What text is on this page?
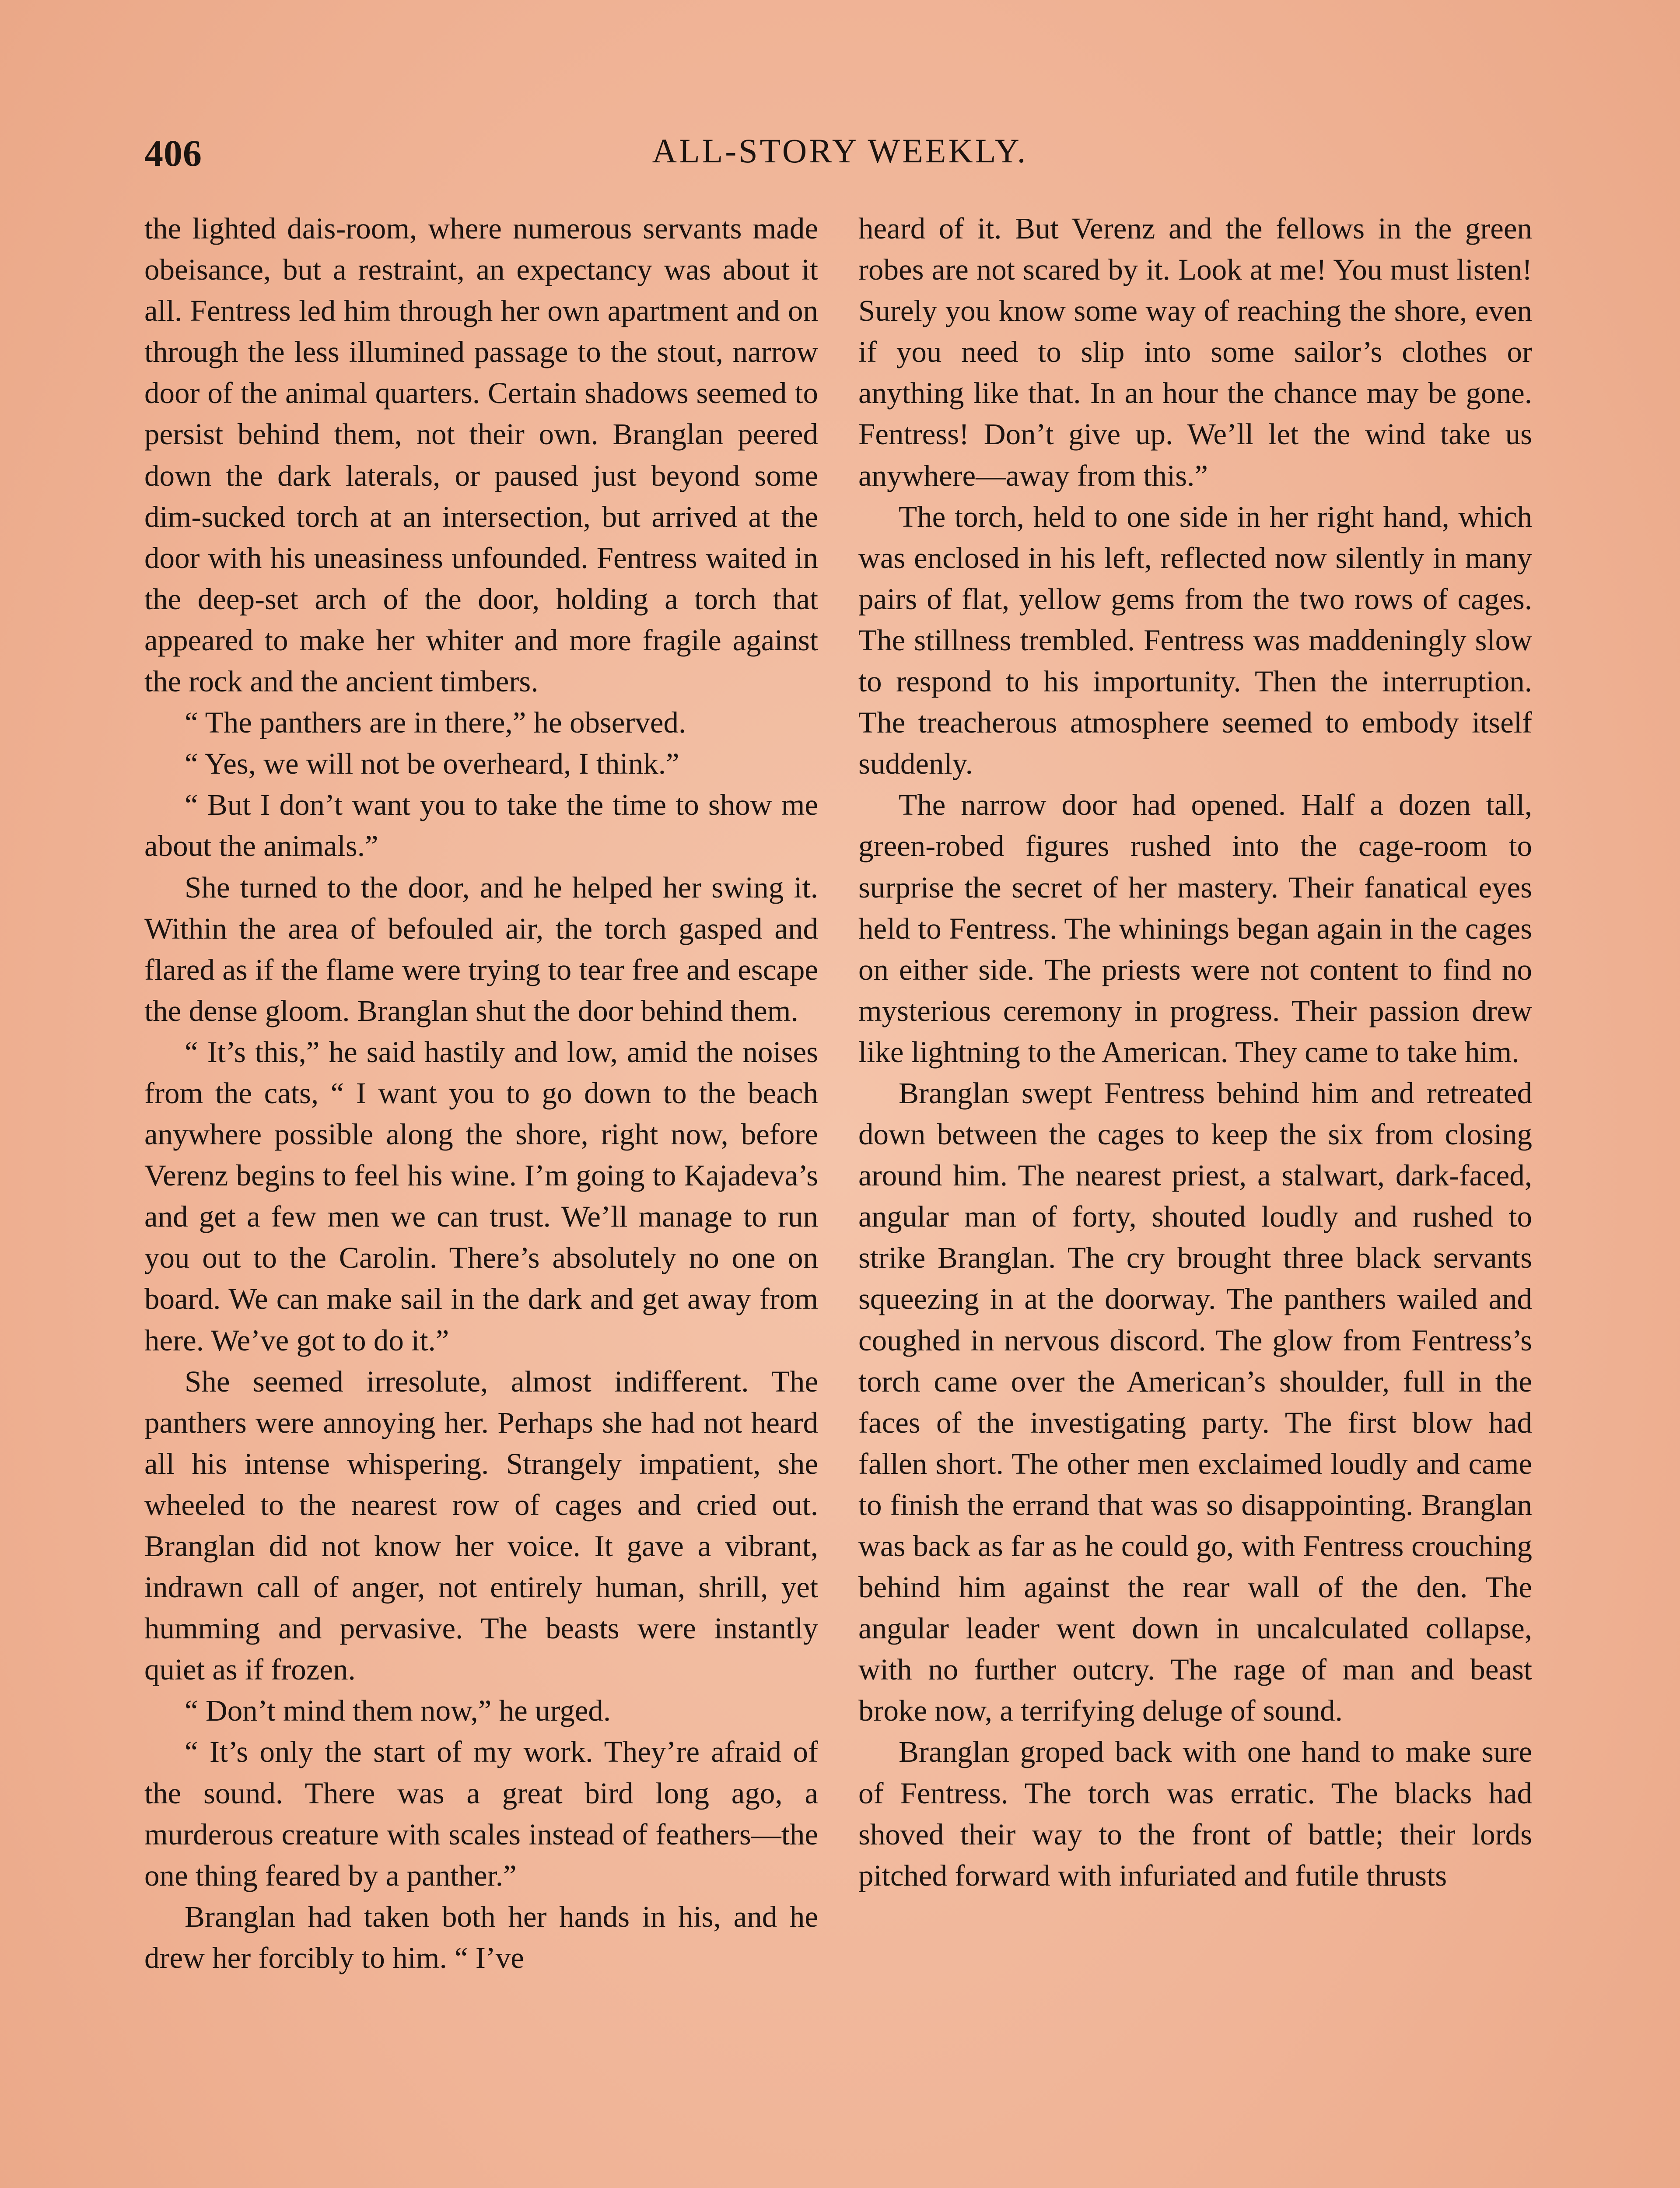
406	ALL-STORY WEEKLY.

the lighted dais-room, where numerous servants made obeisance, but a restraint, an expectancy was about it all. Fentress led him through her own apartment and on through the less illumined passage to the stout, narrow door of the animal quarters. Certain shadows seemed to persist behind them, not their own. Branglan peered down the dark laterals, or paused just beyond some dim-sucked torch at an intersection, but arrived at the door with his uneasiness unfounded. Fentress waited in the deep-set arch of the door, holding a torch that appeared to make her whiter and more fragile against the rock and the ancient timbers.

“ The panthers are in there,” he observed.

“ Yes, we will not be overheard, I think.”

“ But I don’t want you to take the time to show me about the animals.”

She turned to the door, and he helped her swing it. Within the area of befouled air, the torch gasped and flared as if the flame were trying to tear free and escape the dense gloom. Branglan shut the door behind them.

“ It’s this,” he said hastily and low, amid the noises from the cats, “ I want you to go down to the beach anywhere possible along the shore, right now, before Verenz begins to feel his wine. I’m going to Kajadeva’s and get a few men we can trust. We’ll manage to run you out to the Carolin. There’s absolutely no one on board. We can make sail in the dark and get away from here. We’ve got to do it.”

She seemed irresolute, almost indifferent. The panthers were annoying her. Perhaps she had not heard all his intense whispering. Strangely impatient, she wheeled to the nearest row of cages and cried out. Branglan did not know her voice. It gave a vibrant, indrawn call of anger, not entirely human, shrill, yet humming and pervasive. The beasts were instantly quiet as if frozen.

“ Don’t mind them now,” he urged.

“ It’s only the start of my work. They’re afraid of the sound. There was a great bird long ago, a murderous creature with scales instead of feathers—the one thing feared by a panther.”

Branglan had taken both her hands in his, and he drew her forcibly to him. “ I’ve

heard of it. But Verenz and the fellows in the green robes are not scared by it. Look at me! You must listen! Surely you know some way of reaching the shore, even if you need to slip into some sailor’s clothes or anything like that. In an hour the chance may be gone. Fentress! Don’t give up. We’ll let the wind take us anywhere—away from this.”

The torch, held to one side in her right hand, which was enclosed in his left, reflected now silently in many pairs of flat, yellow gems from the two rows of cages. The stillness trembled. Fentress was maddeningly slow to respond to his importunity. Then the interruption. The treacherous atmosphere seemed to embody itself suddenly.

The narrow door had opened. Half a dozen tall, green-robed figures rushed into the cage-room to surprise the secret of her mastery. Their fanatical eyes held to Fentress. The whinings began again in the cages on either side. The priests were not content to find no mysterious ceremony in progress. Their passion drew like lightning to the American. They came to take him.

Branglan swept Fentress behind him and retreated down between the cages to keep the six from closing around him. The nearest priest, a stalwart, dark-faced, angular man of forty, shouted loudly and rushed to strike Branglan. The cry brought three black servants squeezing in at the doorway. The panthers wailed and coughed in nervous discord. The glow from Fentress’s torch came over the American’s shoulder, full in the faces of the investigating party. The first blow had fallen short. The other men exclaimed loudly and came to finish the errand that was so disappointing. Branglan was back as far as he could go, with Fentress crouching behind him against the rear wall of the den. The angular leader went down in uncalculated collapse, with no further outcry. The rage of man and beast broke now, a terrifying deluge of sound.

Branglan groped back with one hand to make sure of Fentress. The torch was erratic. The blacks had shoved their way to the front of battle; their lords pitched forward with infuriated and futile thrusts
